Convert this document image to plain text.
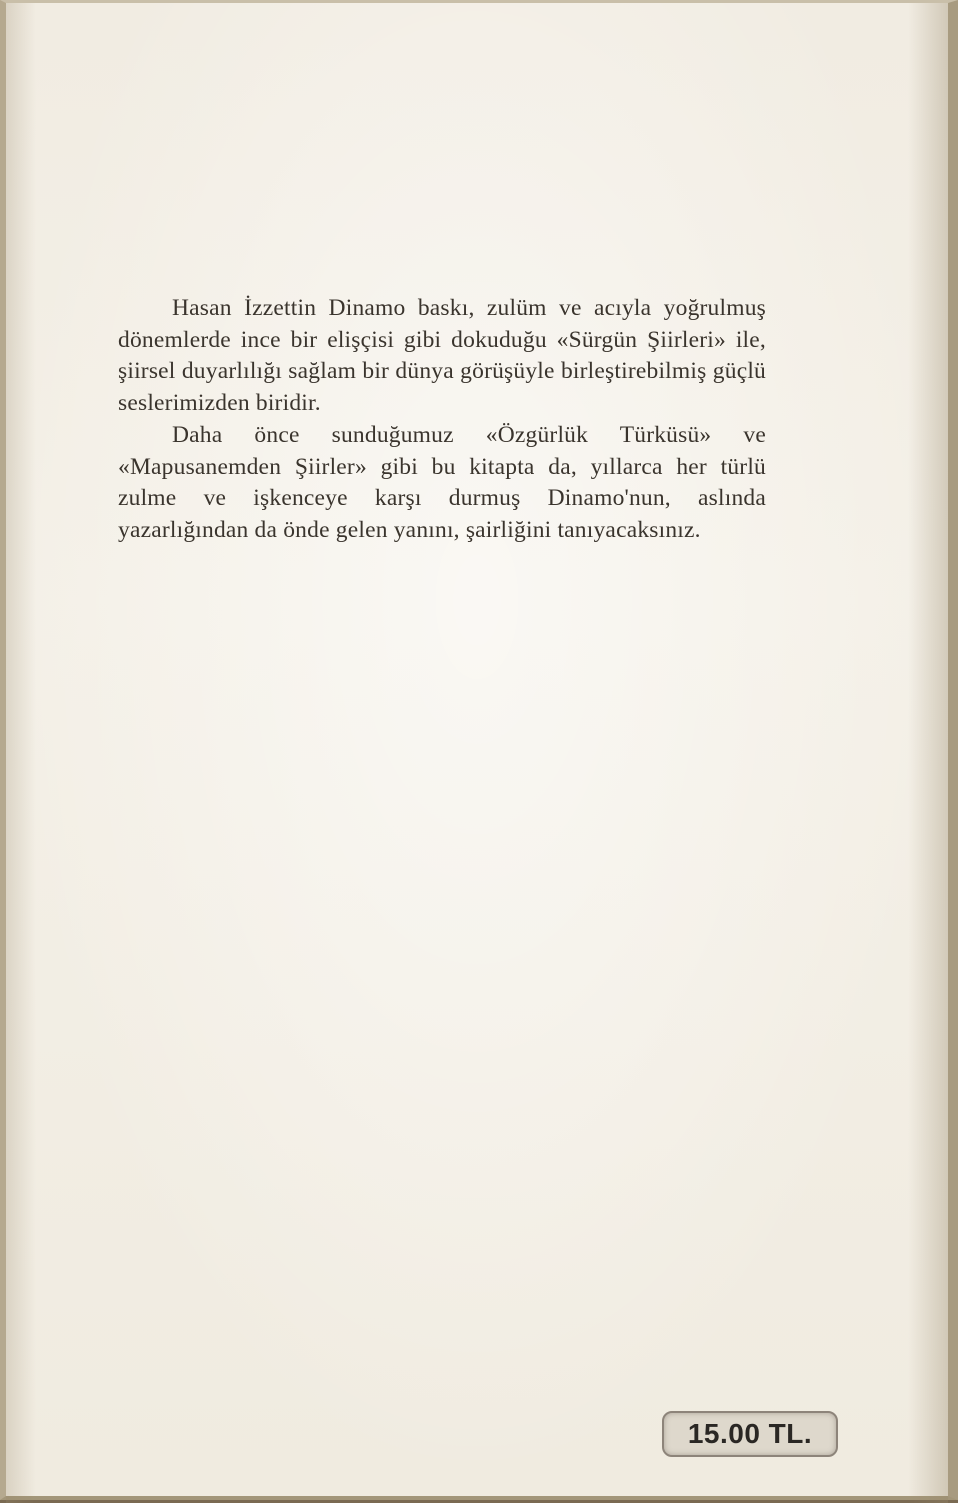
Hasan İzzettin Dinamo baskı, zulüm ve acıyla yoğrulmuş dönemlerde ince bir elişçisi gibi dokuduğu «Sürgün Şiirleri» ile, şiirsel duyarlılığı sağlam bir dünya görüşüyle birleştirebilmiş güçlü seslerimizden biridir.

Daha önce sunduğumuz «Özgürlük Türküsü» ve «Mapusanemden Şiirler» gibi bu kitapta da, yıllarca her türlü zulme ve işkenceye karşı durmuş Dinamo'nun, aslında yazarlığından da önde gelen yanını, şairliğini tanıyacaksınız.

15.00 TL.
